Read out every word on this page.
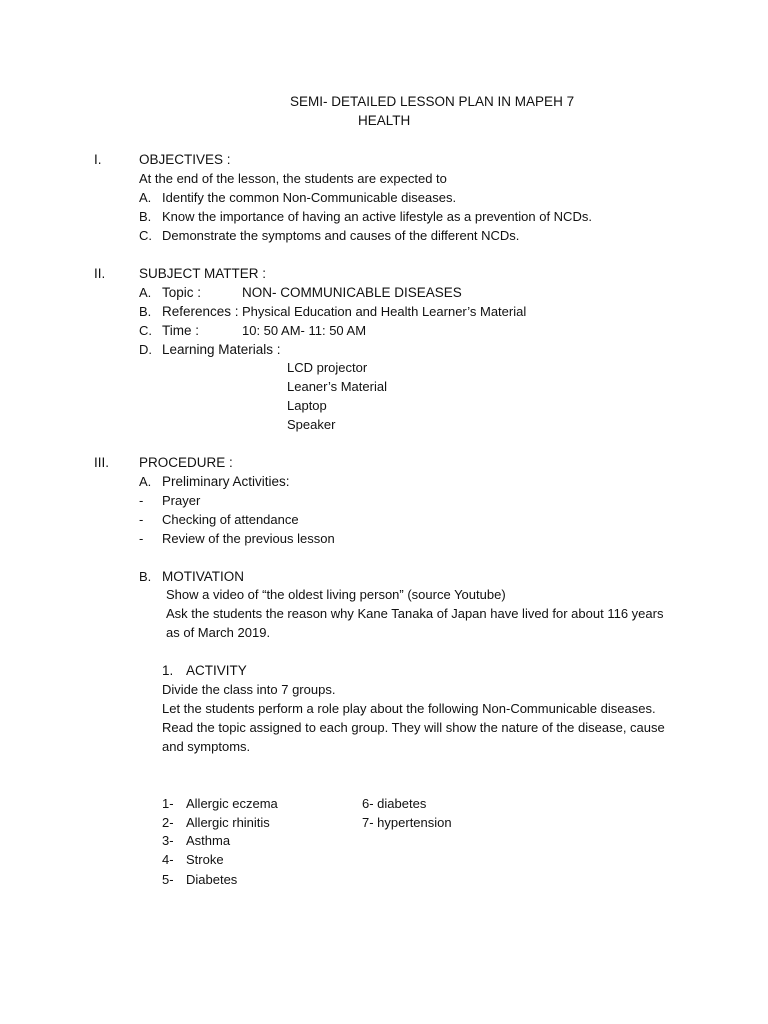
SEMI- DETAILED LESSON PLAN IN MAPEH 7
HEALTH
I.	OBJECTIVES :
At the end of the lesson, the students are expected to
A. Identify the common Non-Communicable diseases.
B. Know the importance of having an active lifestyle as a prevention of NCDs.
C. Demonstrate the symptoms and causes of the different NCDs.
II. SUBJECT MATTER :
A. Topic :	NON- COMMUNICABLE DISEASES
B. References : Physical Education and Health Learner’s Material
C. Time :	10: 50 AM- 11: 50 AM
D. Learning Materials :
LCD projector
Leaner’s Material
Laptop
Speaker
III. PROCEDURE :
A. Preliminary Activities:
- Prayer
- Checking of attendance
- Review of the previous lesson
B. MOTIVATION
Show a video of “the oldest living person” (source Youtube)
Ask the students the reason why Kane Tanaka of Japan have lived for about 116 years
as of March 2019.
1. ACTIVITY
Divide the class into 7 groups.
Let the students perform a role play about the following Non-Communicable diseases.
Read the topic assigned to each group. They will show the nature of the disease, cause
and symptoms.
1- Allergic eczema
2- Allergic rhinitis
3- Asthma
4- Stroke
5- Diabetes
6- diabetes
7- hypertension
